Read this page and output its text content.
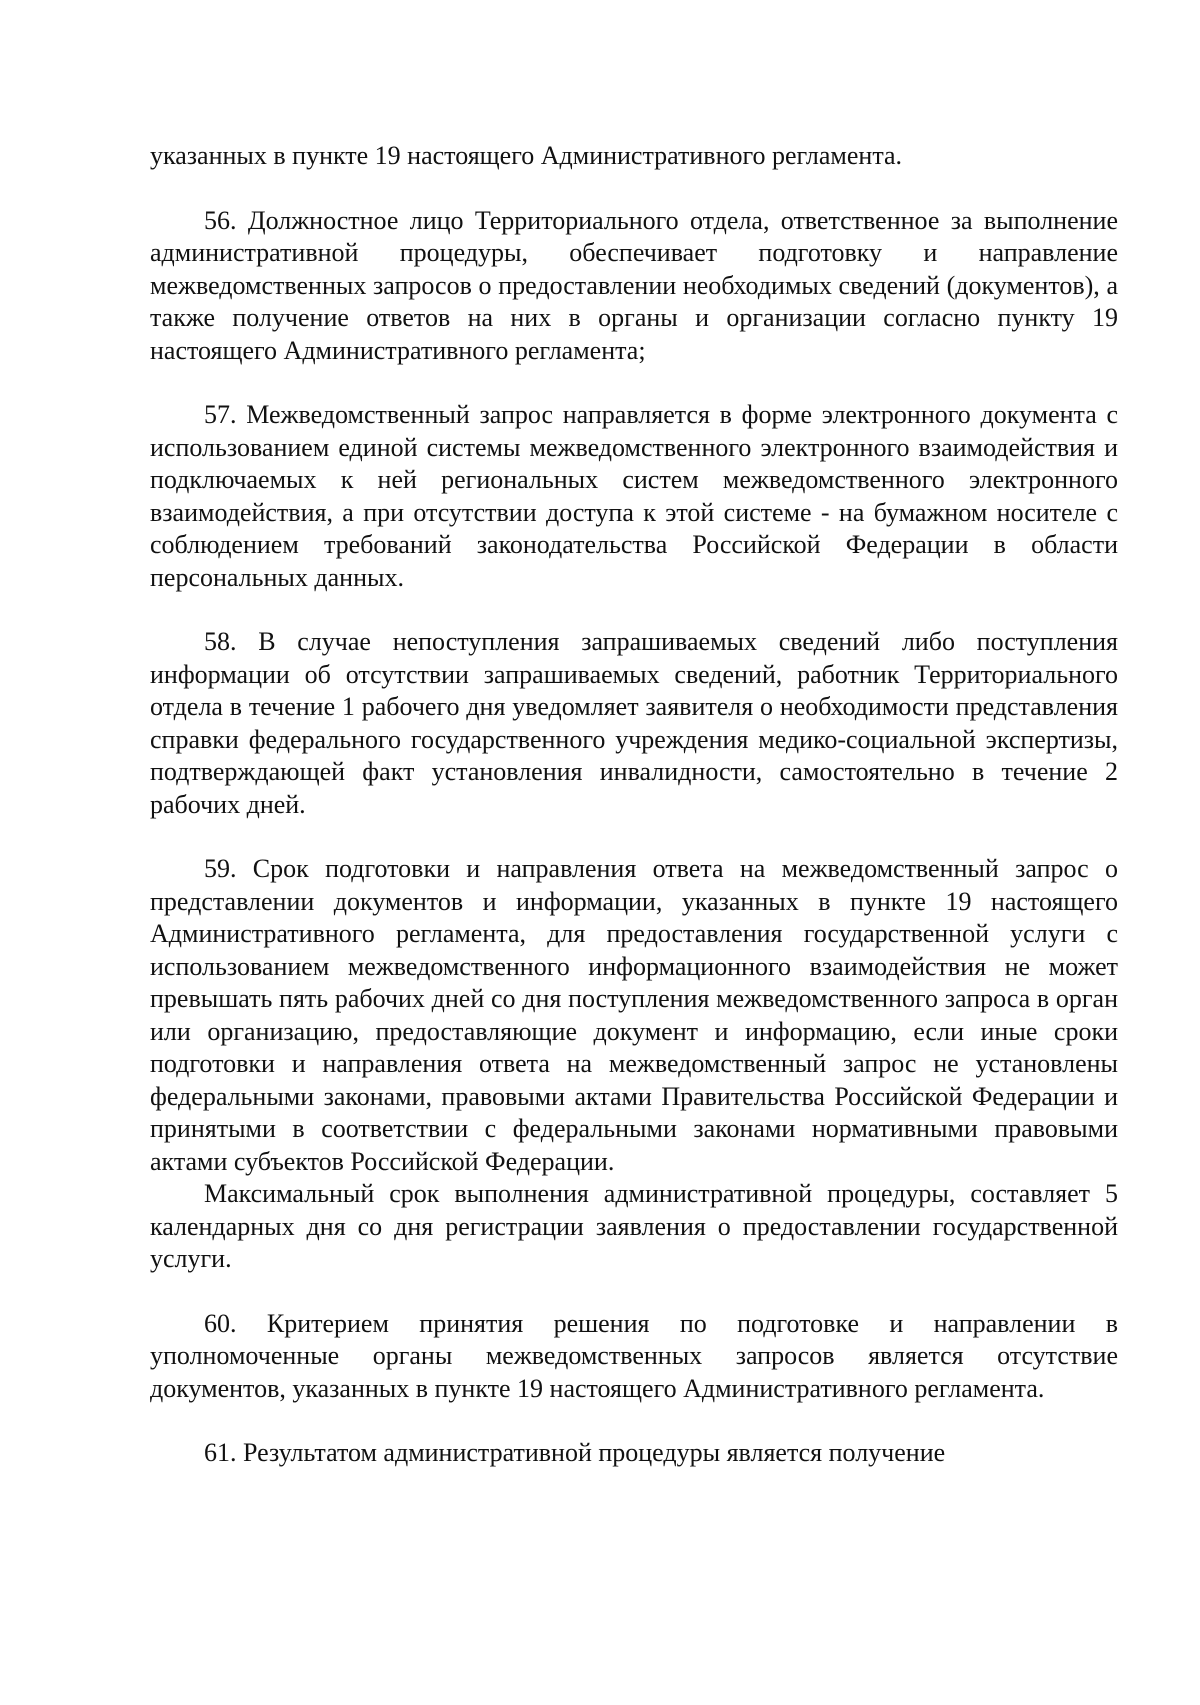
указанных в пункте 19 настоящего Административного регламента.

56. Должностное лицо Территориального отдела, ответственное за выполнение административной процедуры, обеспечивает подготовку и направление межведомственных запросов о предоставлении необходимых сведений (документов), а также получение ответов на них в органы и организации согласно пункту 19 настоящего Административного регламента;

57. Межведомственный запрос направляется в форме электронного документа с использованием единой системы межведомственного электронного взаимодействия и подключаемых к ней региональных систем межведомственного электронного взаимодействия, а при отсутствии доступа к этой системе - на бумажном носителе с соблюдением требований законодательства Российской Федерации в области персональных данных.

58. В случае непоступления запрашиваемых сведений либо поступления информации об отсутствии запрашиваемых сведений, работник Территориального отдела в течение 1 рабочего дня уведомляет заявителя о необходимости представления справки федерального государственного учреждения медико-социальной экспертизы, подтверждающей факт установления инвалидности, самостоятельно в течение 2 рабочих дней.

59. Срок подготовки и направления ответа на межведомственный запрос о представлении документов и информации, указанных в пункте 19 настоящего Административного регламента, для предоставления государственной услуги с использованием межведомственного информационного взаимодействия не может превышать пять рабочих дней со дня поступления межведомственного запроса в орган или организацию, предоставляющие документ и информацию, если иные сроки подготовки и направления ответа на межведомственный запрос не установлены федеральными законами, правовыми актами Правительства Российской Федерации и принятыми в соответствии с федеральными законами нормативными правовыми актами субъектов Российской Федерации.

Максимальный срок выполнения административной процедуры, составляет 5 календарных дня со дня регистрации заявления о предоставлении государственной услуги.

60. Критерием принятия решения по подготовке и направлении в уполномоченные органы межведомственных запросов является отсутствие документов, указанных в пункте 19 настоящего Административного регламента.

61. Результатом административной процедуры является получение
